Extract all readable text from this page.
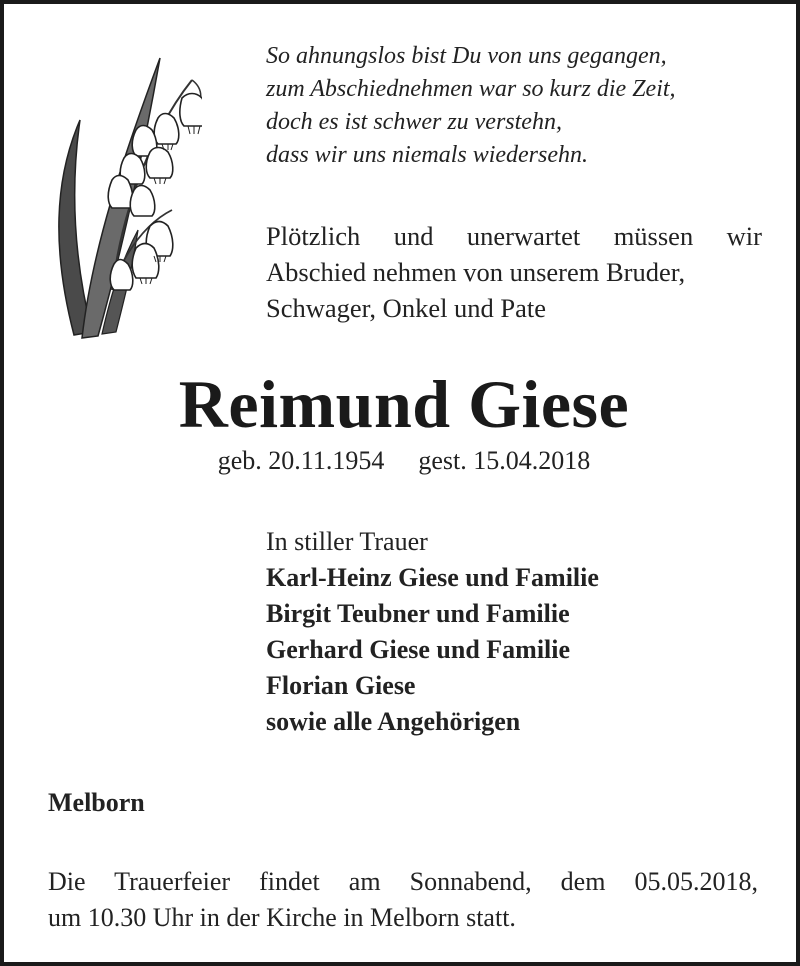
So ahnungslos bist Du von uns gegangen,
zum Abschiednehmen war so kurz die Zeit,
doch es ist schwer zu verstehn,
dass wir uns niemals wiedersehn.
Plötzlich und unerwartet müssen wir
Abschied nehmen von unserem Bruder,
Schwager, Onkel und Pate
Reimund Giese
geb. 20.11.1954 gest. 15.04.2018
In stiller Trauer
Karl-Heinz Giese und Familie
Birgit Teubner und Familie
Gerhard Giese und Familie
Florian Giese
sowie alle Angehörigen
Melborn
Die Trauerfeier findet am Sonnabend, dem 05.05.2018,
um 10.30 Uhr in der Kirche in Melborn statt.
